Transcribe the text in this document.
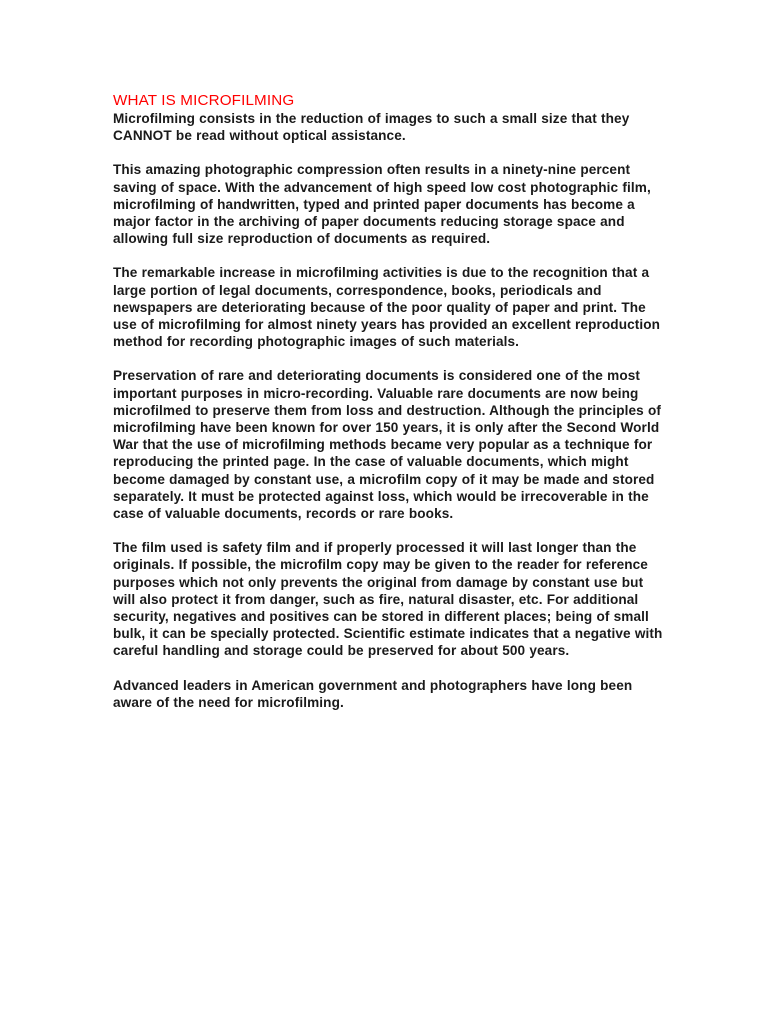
WHAT IS MICROFILMING

Microfilming consists in the reduction of images to such a small size that they CANNOT be read without optical assistance.

This amazing photographic compression often results in a ninety-nine percent saving of space. With the advancement of high speed low cost photographic film, microfilming of handwritten, typed and printed paper documents has become a major factor in the archiving of paper documents reducing storage space and allowing full size reproduction of documents as required.

The remarkable increase in microfilming activities is due to the recognition that a large portion of legal documents, correspondence, books, periodicals and newspapers are deteriorating because of the poor quality of paper and print. The use of microfilming for almost ninety years has provided an excellent reproduction method for recording photographic images of such materials.

Preservation of rare and deteriorating documents is considered one of the most important purposes in micro-recording. Valuable rare documents are now being microfilmed to preserve them from loss and destruction. Although the principles of microfilming have been known for over 150 years, it is only after the Second World War that the use of microfilming methods became very popular as a technique for reproducing the printed page. In the case of valuable documents, which might become damaged by constant use, a microfilm copy of it may be made and stored separately. It must be protected against loss, which would be irrecoverable in the case of valuable documents, records or rare books.

The film used is safety film and if properly processed it will last longer than the originals. If possible, the microfilm copy may be given to the reader for reference purposes which not only prevents the original from damage by constant use but will also protect it from danger, such as fire, natural disaster, etc. For additional security, negatives and positives can be stored in different places; being of small bulk, it can be specially protected. Scientific estimate indicates that a negative with careful handling and storage could be preserved for about 500 years.

Advanced leaders in American government and photographers have long been aware of the need for microfilming.
